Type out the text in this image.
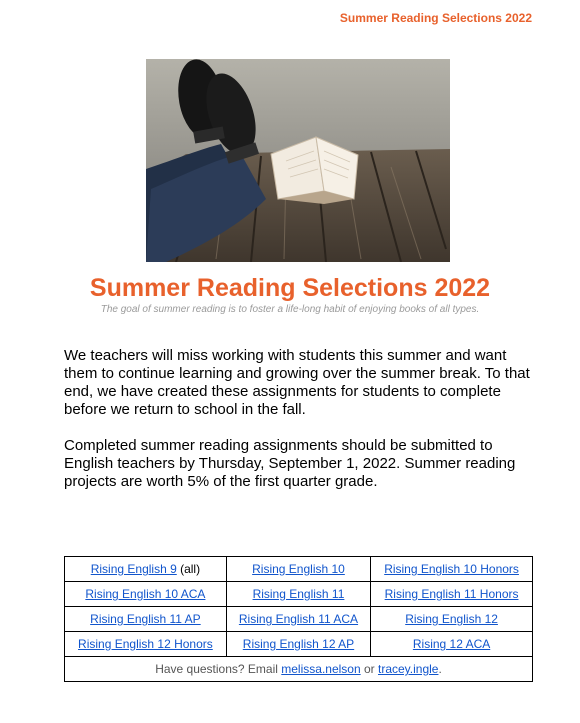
Summer Reading Selections 2022
Summer Reading Selections 2022
The goal of summer reading is to foster a life-long habit of enjoying books of all types.
We teachers will miss working with students this summer and want them to continue learning and growing over the summer break. To that end, we have created these assignments for students to complete before we return to school in the fall.
Completed summer reading assignments should be submitted to English teachers by Thursday, September 1, 2022. Summer reading projects are worth 5% of the first quarter grade.
Rising English 9 (all)	Rising English 10	Rising English 10 Honors
Rising English 10 ACA	Rising English 11	Rising English 11 Honors
Rising English 11 AP	Rising English 11 ACA	Rising English 12
Rising English 12 Honors	Rising English 12 AP	Rising 12 ACA
Have questions? Email melissa.nelson or tracey.ingle.		
